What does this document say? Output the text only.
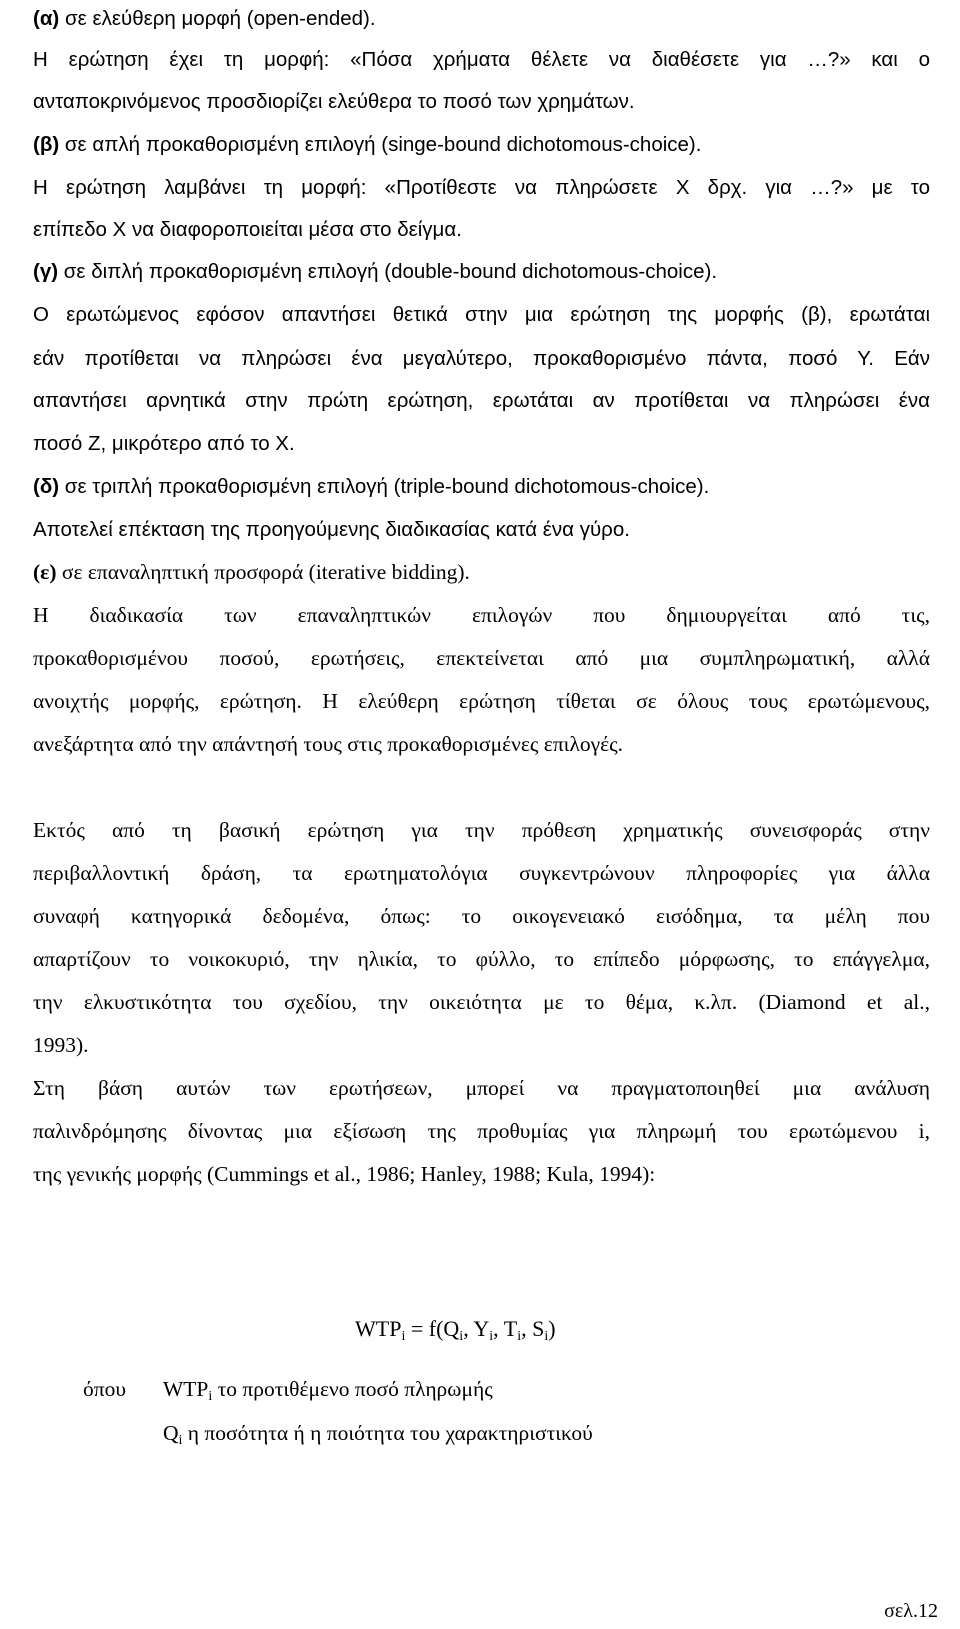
(α) σε ελεύθερη μορφή (open-ended).
Η ερώτηση έχει τη μορφή: «Πόσα χρήματα θέλετε να διαθέσετε για …?» και ο
ανταποκρινόμενος προσδιορίζει ελεύθερα το ποσό των χρημάτων.
(β) σε απλή προκαθορισμένη επιλογή (singe-bound dichotomous-choice).
Η ερώτηση λαμβάνει τη μορφή: «Προτίθεστε να πληρώσετε Χ δρχ. για …?» με το
επίπεδο Χ να διαφοροποιείται μέσα στο δείγμα.
(γ) σε διπλή προκαθορισμένη επιλογή (double-bound dichotomous-choice).
Ο ερωτώμενος εφόσον απαντήσει θετικά στην μια ερώτηση της μορφής (β), ερωτάται
εάν προτίθεται να πληρώσει ένα μεγαλύτερο, προκαθορισμένο πάντα, ποσό Υ. Εάν
απαντήσει αρνητικά στην πρώτη ερώτηση, ερωτάται αν προτίθεται να πληρώσει ένα
ποσό Ζ, μικρότερο από το Χ.
(δ) σε τριπλή προκαθορισμένη επιλογή (triple-bound dichotomous-choice).
Αποτελεί επέκταση της προηγούμενης διαδικασίας κατά ένα γύρο.
(ε) σε επαναληπτική προσφορά (iterative bidding).
Η διαδικασία των επαναληπτικών επιλογών που δημιουργείται από τις,
προκαθορισμένου ποσού, ερωτήσεις, επεκτείνεται από μια συμπληρωματική, αλλά
ανοιχτής μορφής, ερώτηση. Η ελεύθερη ερώτηση τίθεται σε όλους τους ερωτώμενους,
ανεξάρτητα από την απάντησή τους στις προκαθορισμένες επιλογές.
Εκτός από τη βασική ερώτηση για την πρόθεση χρηματικής συνεισφοράς στην
περιβαλλοντική δράση, τα ερωτηματολόγια συγκεντρώνουν πληροφορίες για άλλα
συναφή κατηγορικά δεδομένα, όπως: το οικογενειακό εισόδημα, τα μέλη που
απαρτίζουν το νοικοκυριό, την ηλικία, το φύλλο, το επίπεδο μόρφωσης, το επάγγελμα,
την ελκυστικότητα του σχεδίου, την οικειότητα με το θέμα, κ.λπ. (Diamond et al.,
1993).
Στη βάση αυτών των ερωτήσεων, μπορεί να πραγματοποιηθεί μια ανάλυση
παλινδρόμησης δίνοντας μια εξίσωση της προθυμίας για πληρωμή του ερωτώμενου i,
της γενικής μορφής (Cummings et al., 1986; Hanley, 1988; Kula, 1994):
$WTP_i = f(Q_i$, $Y_i$, $T_i$, $S_i$)
όπου $WTP_i$ το προτιθέμενο ποσό πληρωμής
$Q_i$ η ποσότητα ή η ποιότητα του χαρακτηριστικού
σελ.12
